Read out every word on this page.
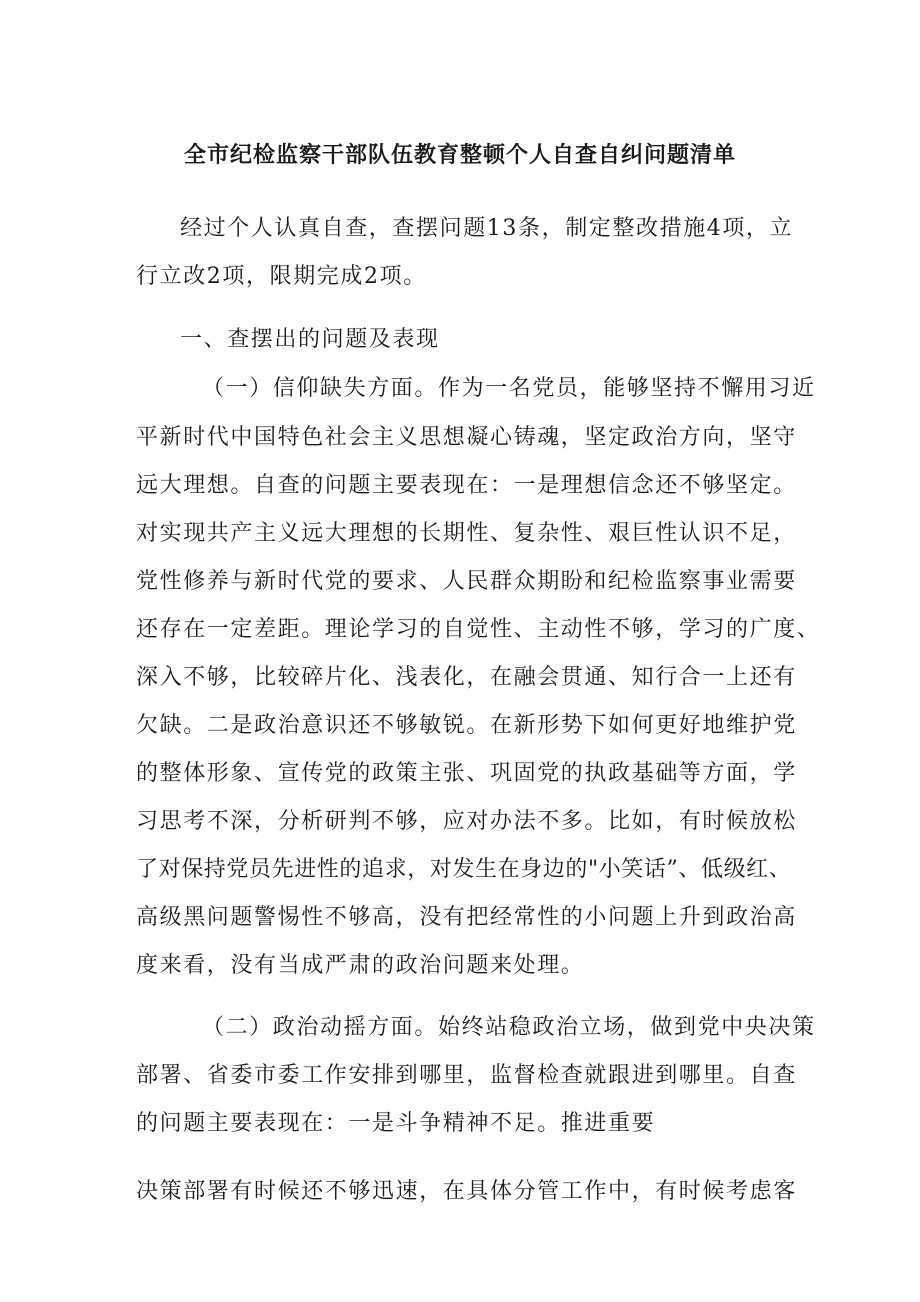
全市纪检监察干部队伍教育整顿个人自查自纠问题清单
经过个人认真自查，查摆问题13条，制定整改措施4项，立
行立改2项，限期完成2项。
一、查摆出的问题及表现
（一）信仰缺失方面。作为一名党员，能够坚持不懈用习近
平新时代中国特色社会主义思想凝心铸魂，坚定政治方向，坚守
远大理想。自查的问题主要表现在：一是理想信念还不够坚定。
对实现共产主义远大理想的长期性、复杂性、艰巨性认识不足，
党性修养与新时代党的要求、人民群众期盼和纪检监察事业需要
还存在一定差距。理论学习的自觉性、主动性不够，学习的广度、
深入不够，比较碎片化、浅表化，在融会贯通、知行合一上还有
欠缺。二是政治意识还不够敏锐。在新形势下如何更好地维护党
的整体形象、宣传党的政策主张、巩固党的执政基础等方面，学
习思考不深，分析研判不够，应对办法不多。比如，有时候放松
了对保持党员先进性的追求，对发生在身边的"小笑话”、低级红、
高级黑问题警惕性不够高，没有把经常性的小问题上升到政治高
度来看，没有当成严肃的政治问题来处理。
（二）政治动摇方面。始终站稳政治立场，做到党中央决策
部署、省委市委工作安排到哪里，监督检查就跟进到哪里。自查
的问题主要表现在：一是斗争精神不足。推进重要
决策部署有时候还不够迅速，在具体分管工作中，有时候考虑客
